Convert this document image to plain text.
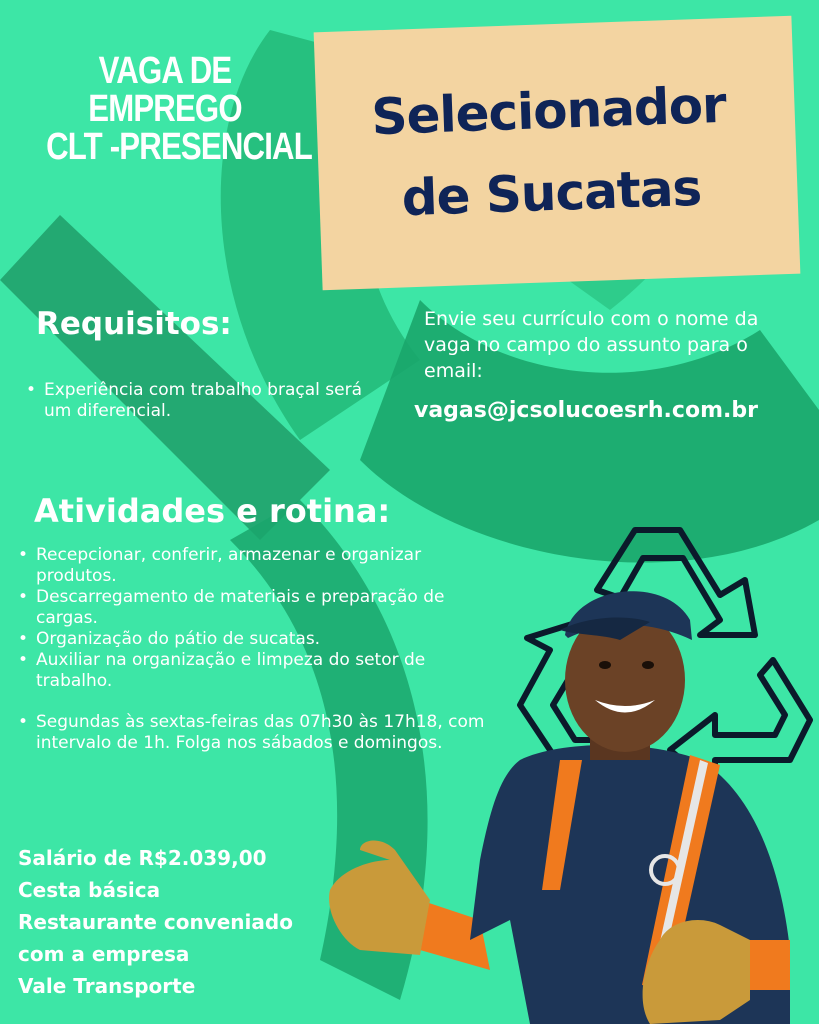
VAGA DE
EMPREGO
CLT -PRESENCIAL
Selecionador
de Sucatas
Requisitos:
• Experiência com trabalho braçal será um diferencial.
Envie seu currículo com o nome da vaga no campo do assunto para o email:
vagas@jcsolucoesrh.com.br
Atividades e rotina:
• Recepcionar, conferir, armazenar e organizar produtos.
• Descarregamento de materiais e preparação de cargas.
• Organização do pátio de sucatas.
• Auxiliar na organização e limpeza do setor de trabalho.
• Segundas às sextas-feiras das 07h30 às 17h18, com intervalo de 1h. Folga nos sábados e domingos.
Salário de R$2.039,00
Cesta básica
Restaurante conveniado
com a empresa
Vale Transporte
